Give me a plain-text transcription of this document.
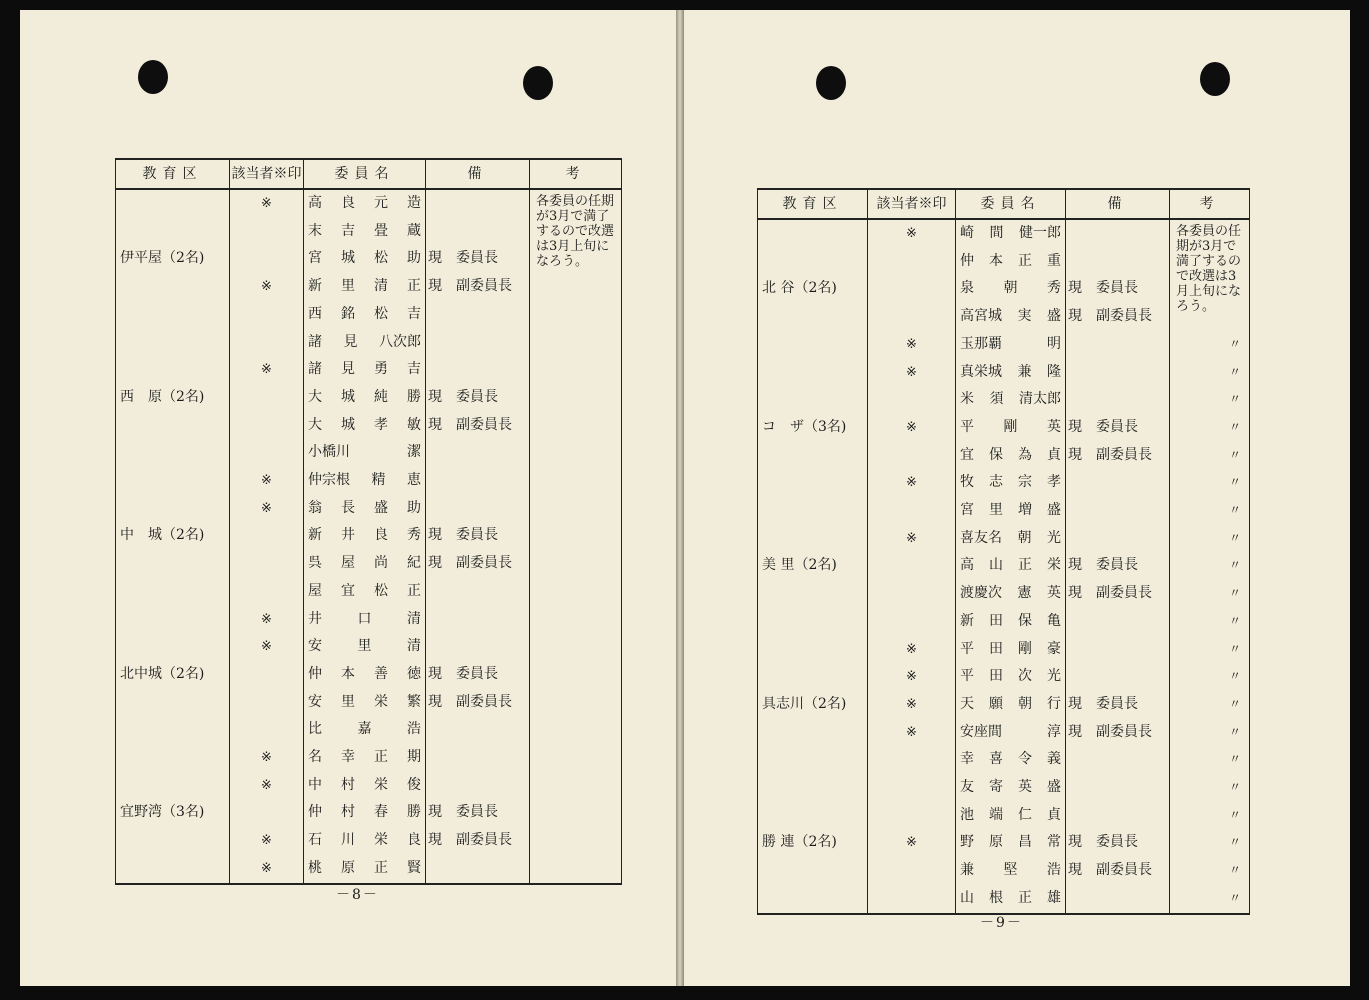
教育区	該当者※印	委員名	備	考
	※	高 良 元 造		各委員の任期が3月で満了するので改選は3月上旬になろう。

		末 吉 畳 蔵		

伊平屋（2名)		宮 城 松 助	現　委員長	
	※	新 里 清 正	現　副委員長	

		西 銘 松 吉		

		諸 見 八次郎		

	※	諸 見 勇 吉		

西　原（2名)		大 城 純 勝	現　委員長	

		大 城 孝 敏	現　副委員長	

		小橋川 潔		

	※	仲宗根 精 恵		

	※	翁 長 盛 助		

中　城（2名)		新 井 良 秀	現　委員長	

		呉 屋 尚 紀	現　副委員長	

		屋 宜 松 正		

	※	井 口 清		

	※	安 里 清		

北中城（2名)		仲 本 善 徳	現　委員長	

		安 里 栄 繁	現　副委員長	

		比 嘉 浩		

	※	名 幸 正 期		

	※	中 村 栄 俊		

宜野湾（3名)		仲 村 春 勝	現　委員長	
	※	石 川 栄 良	現　副委員長	
	※	桃 原 正 賢		

－8－
教育区	該当者※印	委員名	備	考
	※	崎 間 健一郎		各委員の任期が3月で満了するので改選は3月上旬になろう。

		仲 本 正 重		

北 谷（2名)		泉 朝 秀	現　委員長	

		高宮城 実 盛	現　副委員長	
	※	玉那覇 明		〃
	※	真栄城 兼 隆		〃

		米 須 清太郎		〃
コ　ザ（3名)	※	平 剛 英	現　委員長	〃

		宜 保 為 貞	現　副委員長	〃
	※	牧 志 宗 孝		〃

		宮 里 増 盛		〃
	※	喜友名 朝 光		〃
美 里（2名)		高 山 正 栄	現　委員長	〃

		渡慶次 憲 英	現　副委員長	〃

		新 田 保 亀		〃
	※	平 田 剛 豪		〃
	※	平 田 次 光		〃
具志川（2名)	※	天 願 朝 行	現　委員長	〃
	※	安座間 淳	現　副委員長	〃

		幸 喜 令 義		〃

		友 寄 英 盛		〃

		池 端 仁 貞		〃
勝 連（2名)	※	野 原 昌 常	現　委員長	〃

		兼 堅 浩	現　副委員長	〃

		山 根 正 雄		〃
－9－
